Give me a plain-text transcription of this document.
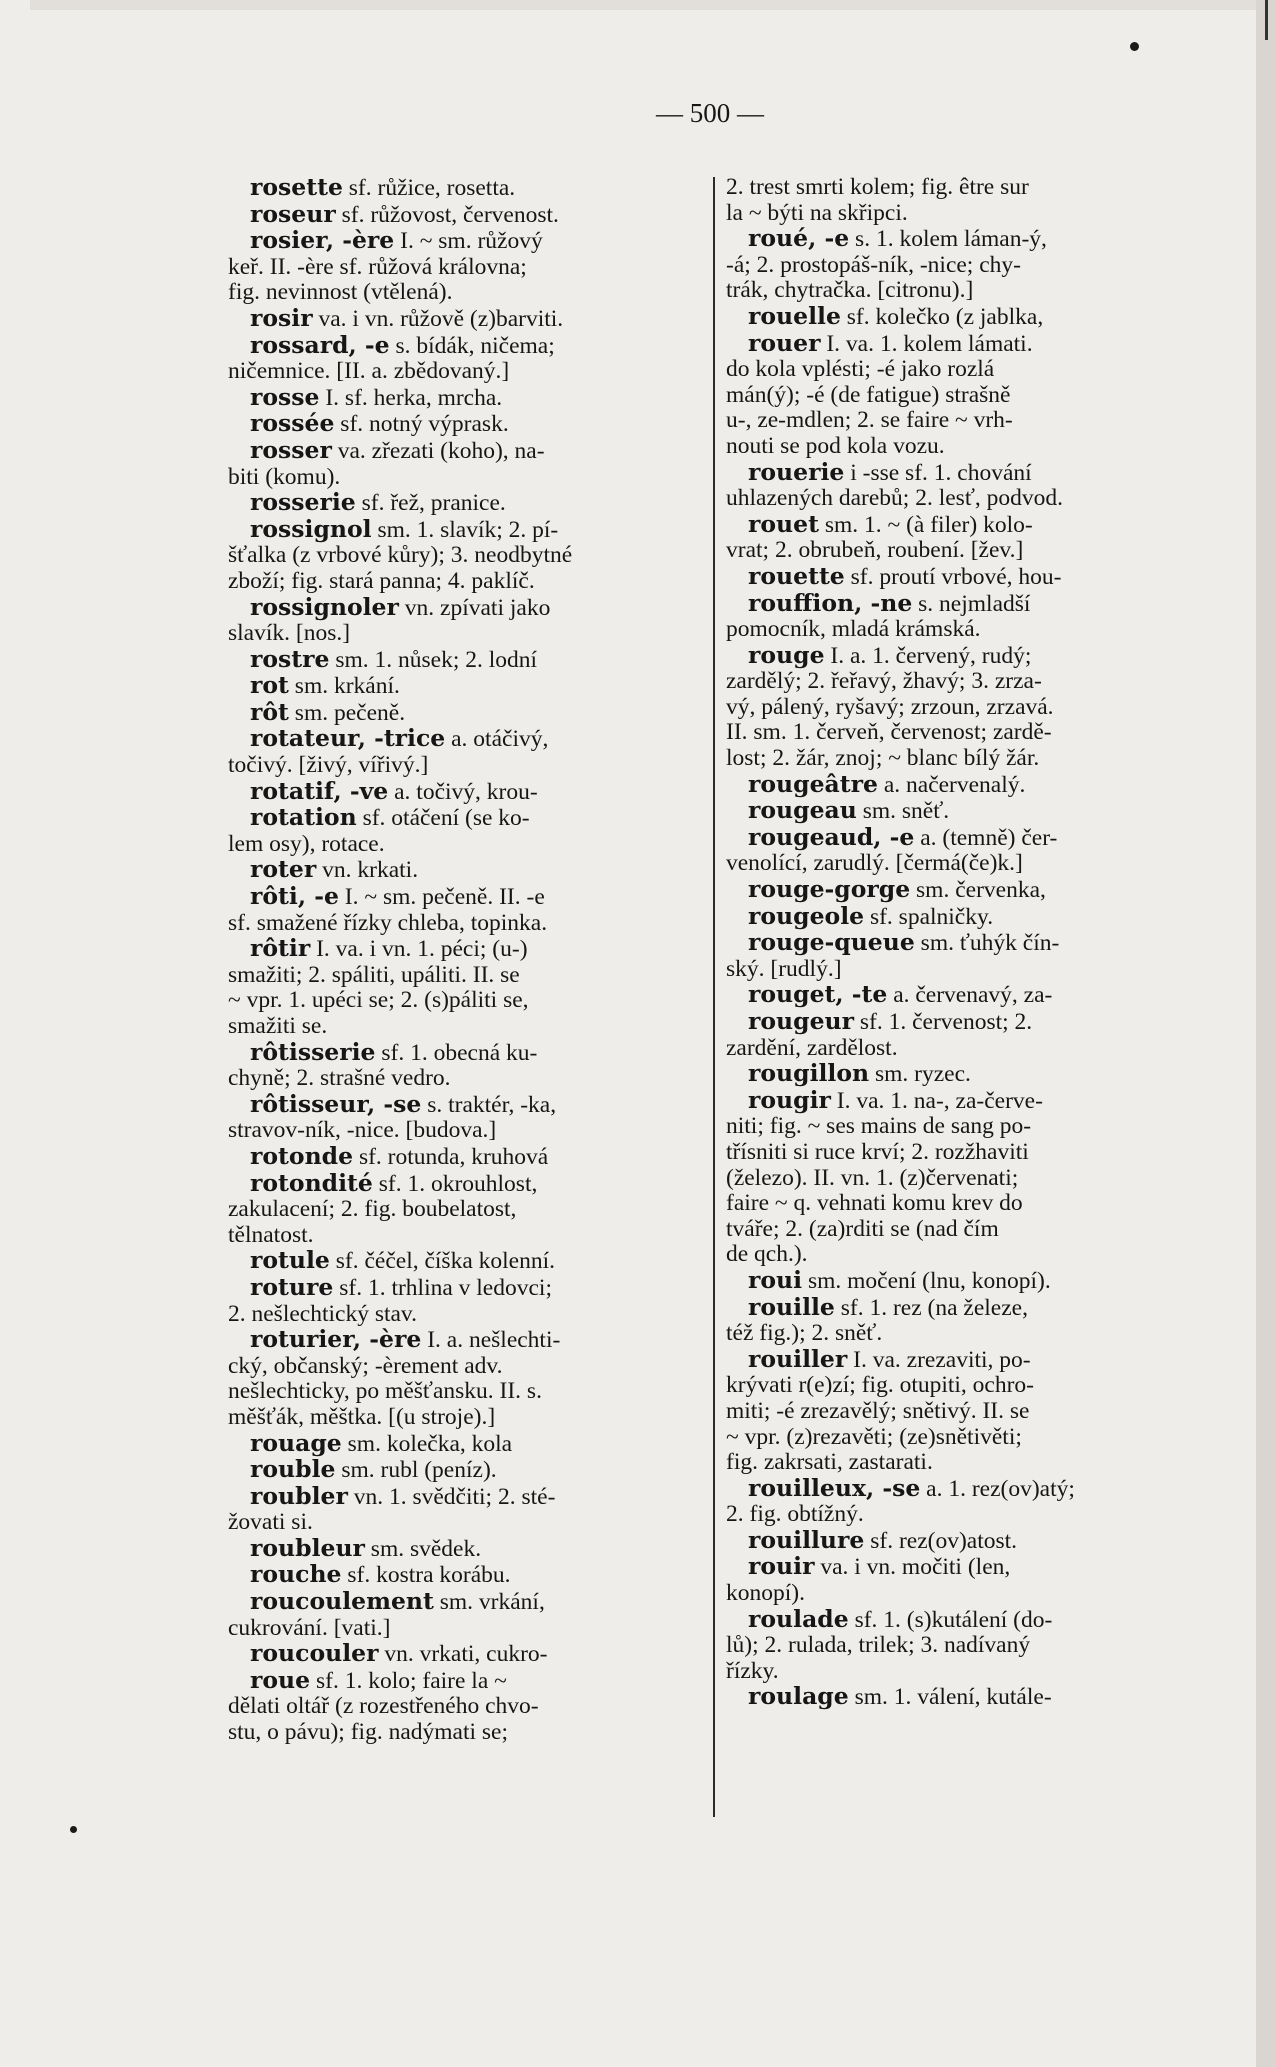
— 500 —
rosette sf. růžice, rosetta.
roseur sf. růžovost, červenost.
rosier, -ère I. ~ sm. růžový
keř. II. -ère sf. růžová královna;
fig. nevinnost (vtělená).
rosir va. i vn. růžově (z)barviti.
rossard, -e s. bídák, ničema;
ničemnice. [II. a. zbědovaný.]
rosse I. sf. herka, mrcha.
rossée sf. notný výprask.
rosser va. zřezati (koho), na-
biti (komu).
rosserie sf. řež, pranice.
rossignol sm. 1. slavík; 2. pí-
šťalka (z vrbové kůry); 3. neodbytné
zboží; fig. stará panna; 4. paklíč.
rossignoler vn. zpívati jako
slavík. [nos.]
rostre sm. 1. nůsek; 2. lodní
rot sm. krkání.
rôt sm. pečeně.
rotateur, -trice a. otáčivý,
točivý. [živý, vířivý.]
rotatif, -ve a. točivý, krou-
rotation sf. otáčení (se ko-
lem osy), rotace.
roter vn. krkati.
rôti, -e I. ~ sm. pečeně. II. -e
sf. smažené řízky chleba, topinka.
rôtir I. va. i vn. 1. péci; (u-)
smažiti; 2. spáliti, upáliti. II. se
~ vpr. 1. upéci se; 2. (s)páliti se,
smažiti se.
rôtisserie sf. 1. obecná ku-
chyně; 2. strašné vedro.
rôtisseur, -se s. traktér, -ka,
stravov-ník, -nice. [budova.]
rotonde sf. rotunda, kruhová
rotondité sf. 1. okrouhlost,
zakulacení; 2. fig. boubelatost,
tělnatost.
rotule sf. čéčel, číška kolenní.
roture sf. 1. trhlina v ledovci;
2. nešlechtický stav.
roturier, -ère I. a. nešlechti-
cký, občanský; -èrement adv.
nešlechticky, po měšťansku. II. s.
měšťák, měštka. [(u stroje).]
rouage sm. kolečka, kola
rouble sm. rubl (peníz).
roubler vn. 1. svědčiti; 2. sté-
žovati si.
roubleur sm. svědek.
rouche sf. kostra korábu.
roucoulement sm. vrkání,
cukrování. [vati.]
roucouler vn. vrkati, cukro-
roue sf. 1. kolo; faire la ~
dělati oltář (z rozestřeného chvo-
stu, o pávu); fig. nadýmati se;
2. trest smrti kolem; fig. être sur
la ~ býti na skřipci.
roué, -e s. 1. kolem láman-ý,
-á; 2. prostopáš-ník, -nice; chy-
trák, chytračka. [citronu).]
rouelle sf. kolečko (z jablka,
rouer I. va. 1. kolem lámati.
do kola vplésti; -é jako rozlá
mán(ý); -é (de fatigue) strašně
u-, ze-mdlen; 2. se faire ~ vrh-
nouti se pod kola vozu.
rouerie i -sse sf. 1. chování
uhlazených darebů; 2. lesť, podvod.
rouet sm. 1. ~ (à filer) kolo-
vrat; 2. obrubeň, roubení. [žev.]
rouette sf. proutí vrbové, hou-
rouffion, -ne s. nejmladší
pomocník, mladá krámská.
rouge I. a. 1. červený, rudý;
zardělý; 2. řeřavý, žhavý; 3. zrza-
vý, pálený, ryšavý; zrzoun, zrzavá.
II. sm. 1. červeň, červenost; zardě-
lost; 2. žár, znoj; ~ blanc bílý žár.
rougeâtre a. načervenalý.
rougeau sm. sněť.
rougeaud, -e a. (temně) čer-
venolící, zarudlý. [čermá(če)k.]
rouge-gorge sm. červenka,
rougeole sf. spalničky.
rouge-queue sm. ťuhýk čín-
ský. [rudlý.]
rouget, -te a. červenavý, za-
rougeur sf. 1. červenost; 2.
zardění, zardělost.
rougillon sm. ryzec.
rougir I. va. 1. na-, za-červe-
niti; fig. ~ ses mains de sang po-
třísniti si ruce krví; 2. rozžhaviti
(železo). II. vn. 1. (z)červenati;
faire ~ q. vehnati komu krev do
tváře; 2. (za)rditi se (nad čím
de qch.).
roui sm. močení (lnu, konopí).
rouille sf. 1. rez (na železe,
též fig.); 2. sněť.
rouiller I. va. zrezaviti, po-
krývati r(e)zí; fig. otupiti, ochro-
miti; -é zrezavělý; snětivý. II. se
~ vpr. (z)rezavěti; (ze)snětivěti;
fig. zakrsati, zastarati.
rouilleux, -se a. 1. rez(ov)atý;
2. fig. obtížný.
rouillure sf. rez(ov)atost.
rouir va. i vn. močiti (len,
konopí).
roulade sf. 1. (s)kutálení (do-
lů); 2. rulada, trilek; 3. nadívaný
řízky.
roulage sm. 1. válení, kutále-
